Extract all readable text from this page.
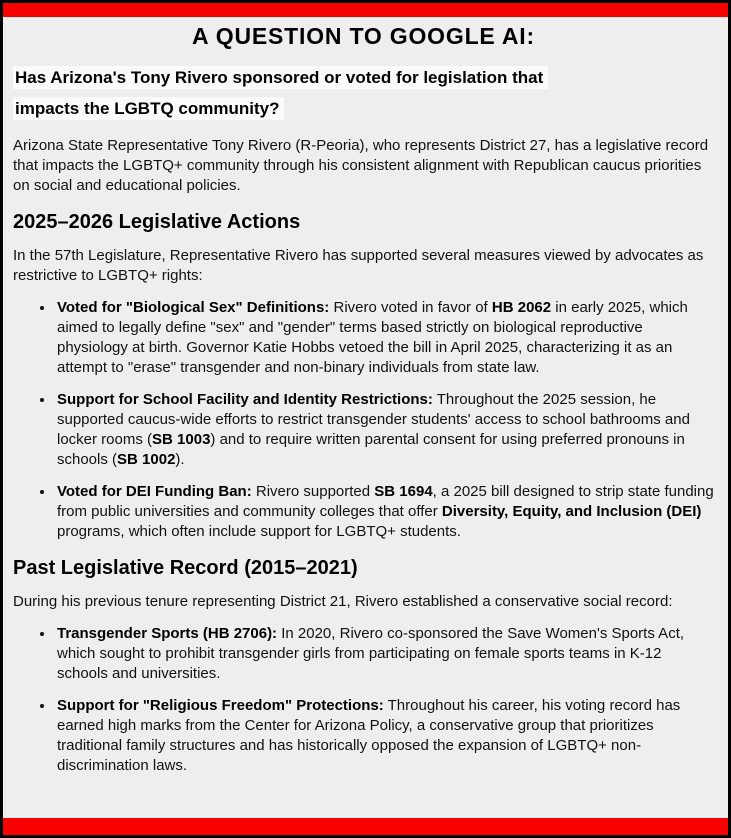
A QUESTION TO GOOGLE AI:
Has Arizona's Tony Rivero sponsored or voted for legislation that
impacts the LGBTQ community?

Arizona State Representative Tony Rivero (R-Peoria), who represents District 27, has a legislative record that impacts the LGBTQ+ community through his consistent alignment with Republican caucus priorities on social and educational policies.

2025–2026 Legislative Actions

In the 57th Legislature, Representative Rivero has supported several measures viewed by advocates as restrictive to LGBTQ+ rights:

• Voted for "Biological Sex" Definitions: Rivero voted in favor of HB 2062 in early 2025, which aimed to legally define "sex" and "gender" terms based strictly on biological reproductive physiology at birth. Governor Katie Hobbs vetoed the bill in April 2025, characterizing it as an attempt to "erase" transgender and non-binary individuals from state law.
• Support for School Facility and Identity Restrictions: Throughout the 2025 session, he supported caucus-wide efforts to restrict transgender students' access to school bathrooms and locker rooms (SB 1003) and to require written parental consent for using preferred pronouns in schools (SB 1002).
• Voted for DEI Funding Ban: Rivero supported SB 1694, a 2025 bill designed to strip state funding from public universities and community colleges that offer Diversity, Equity, and Inclusion (DEI) programs, which often include support for LGBTQ+ students.
Past Legislative Record (2015–2021)

During his previous tenure representing District 21, Rivero established a conservative social record:

• Transgender Sports (HB 2706): In 2020, Rivero co-sponsored the Save Women's Sports Act, which sought to prohibit transgender girls from participating on female sports teams in K-12 schools and universities.
• Support for "Religious Freedom" Protections: Throughout his career, his voting record has earned high marks from the Center for Arizona Policy, a conservative group that prioritizes traditional family structures and has historically opposed the expansion of LGBTQ+ non-discrimination laws.
